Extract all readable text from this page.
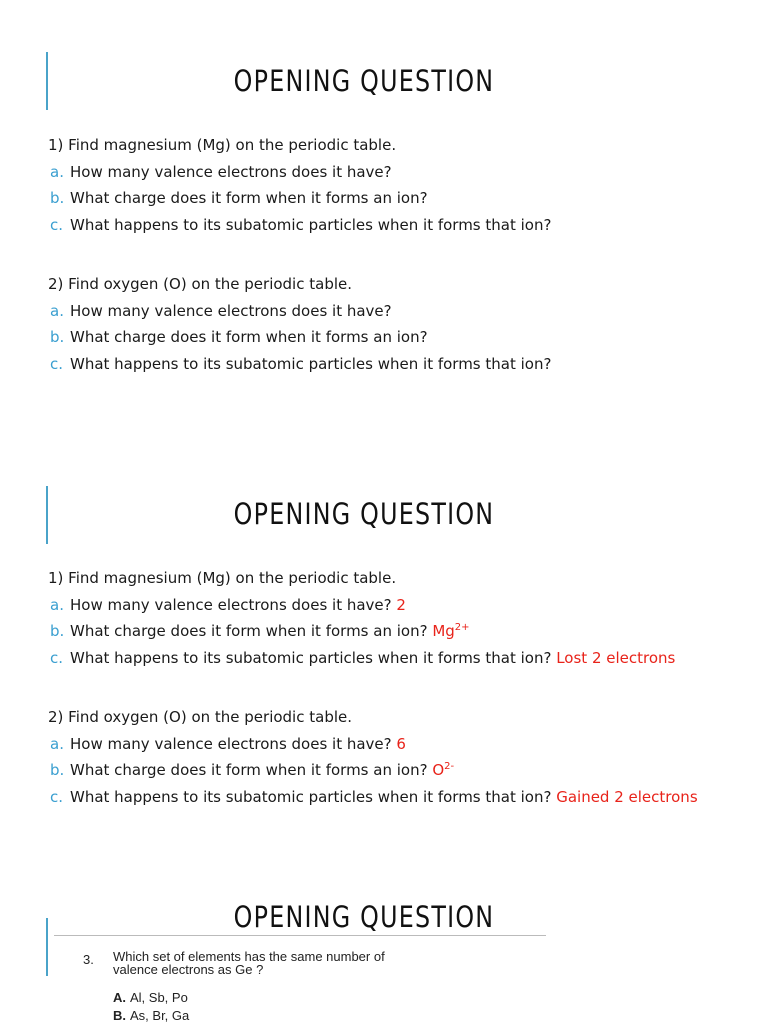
OPENING QUESTION
1) Find magnesium (Mg) on the periodic table.
a. How many valence electrons does it have?
b. What charge does it form when it forms an ion?
c. What happens to its subatomic particles when it forms that ion?
2) Find oxygen (O) on the periodic table.
a. How many valence electrons does it have?
b. What charge does it form when it forms an ion?
c. What happens to its subatomic particles when it forms that ion?
OPENING QUESTION
1) Find magnesium (Mg) on the periodic table.
a. How many valence electrons does it have? 2
b. What charge does it form when it forms an ion? $Mg^{2+}$
c. What happens to its subatomic particles when it forms that ion? Lost 2 electrons
2) Find oxygen (O) on the periodic table.
a. How many valence electrons does it have? 6
b. What charge does it form when it forms an ion? $O^{2-}$
c. What happens to its subatomic particles when it forms that ion? Gained 2 electrons
OPENING QUESTION
3. Which set of elements has the same number of
valence electrons as Ge ?
A. Al, Sb, Po
B. As, Br, Ga
